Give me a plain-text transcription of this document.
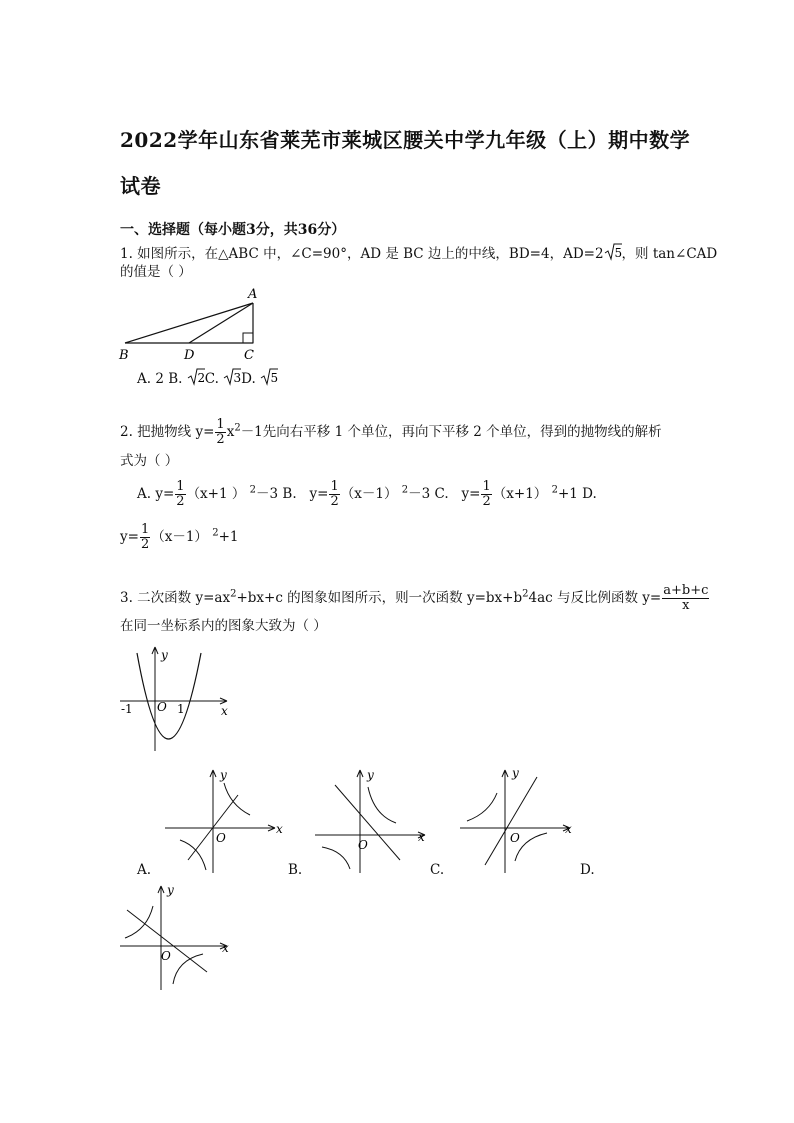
2022学年山东省莱芜市莱城区腰关中学九年级（上）期中数学
试卷
一、选择题（每小题3分，共36分）
1. 如图所示，在△ABC 中，∠C=90°，AD 是 BC 边上的中线，BD=4，AD=2 5 ，则 tan∠CAD
的值是（ ）
A
B	D	C
A. 2 B. 2 C. 3 D. 5
2. 把抛物线 $y= \frac{1}{2} x^2-1$先向右平移 1 个单位，再向下平移 2 个单位，得到的抛物线的解析
式为（ ）
A. $y= \frac{1}{2} (x+1$ ） $^2$－3 B. $y= \frac{1}{2} (x-1)$ $^2$－3 C. $y= \frac{1}{2} (x+1)$ $^2$+1 D.
$y= \frac{1}{2} (x-1)$ $^2$+1
3. 二次函数 $y=ax^2+bx+c$ 的图象如图所示，则一次函数 $y=bx+b^24ac$ 与反比例函数 $y= \frac{a+b+c}{x}$
在同一坐标系内的图象大致为（ ）
y
x
O
-1	1
y
x
O
A.
y
x
O
B.
y
x
O
C.	D.
y
x
O
